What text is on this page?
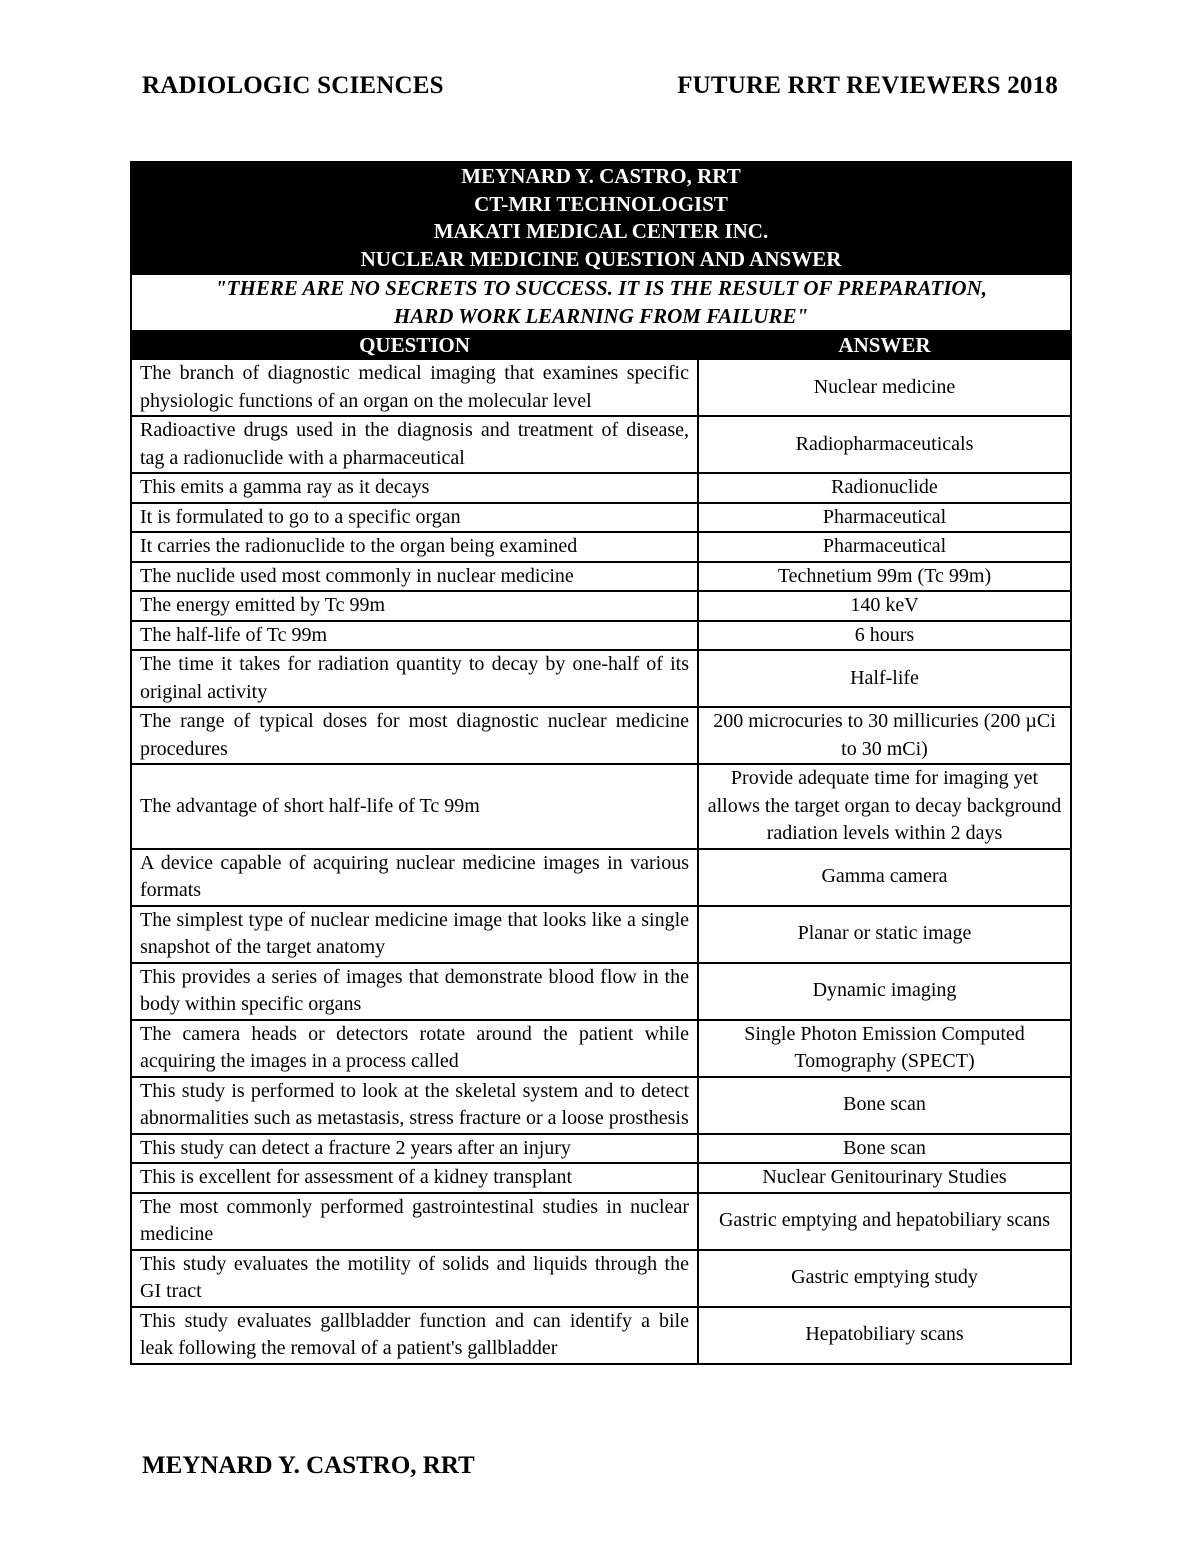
RADIOLOGIC SCIENCES	FUTURE RRT REVIEWERS 2018
MEYNARD Y. CASTRO, RRT
CT-MRI TECHNOLOGIST
MAKATI MEDICAL CENTER INC.
NUCLEAR MEDICINE QUESTION AND ANSWER	

"THERE ARE NO SECRETS TO SUCCESS. IT IS THE RESULT OF PREPARATION,
HARD WORK LEARNING FROM FAILURE"	

QUESTION	ANSWER
The branch of diagnostic medical imaging that examines specific physiologic functions of an organ on the molecular level	Nuclear medicine
Radioactive drugs used in the diagnosis and treatment of disease, tag a radionuclide with a pharmaceutical	Radiopharmaceuticals
This emits a gamma ray as it decays	Radionuclide
It is formulated to go to a specific organ	Pharmaceutical
It carries the radionuclide to the organ being examined	Pharmaceutical
The nuclide used most commonly in nuclear medicine	Technetium 99m (Tc 99m)
The energy emitted by Tc 99m	140 keV
The half-life of Tc 99m	6 hours
The time it takes for radiation quantity to decay by one-half of its original activity	Half-life
The range of typical doses for most diagnostic nuclear medicine procedures	200 microcuries to 30 millicuries (200 µCi to 30 mCi)
The advantage of short half-life of Tc 99m	Provide adequate time for imaging yet allows the target organ to decay background radiation levels within 2 days
A device capable of acquiring nuclear medicine images in various formats	Gamma camera
The simplest type of nuclear medicine image that looks like a single snapshot of the target anatomy	Planar or static image
This provides a series of images that demonstrate blood flow in the body within specific organs	Dynamic imaging
The camera heads or detectors rotate around the patient while acquiring the images in a process called	Single Photon Emission Computed Tomography (SPECT)
This study is performed to look at the skeletal system and to detect abnormalities such as metastasis, stress fracture or a loose prosthesis	Bone scan
This study can detect a fracture 2 years after an injury	Bone scan
This is excellent for assessment of a kidney transplant	Nuclear Genitourinary Studies
The most commonly performed gastrointestinal studies in nuclear medicine	Gastric emptying and hepatobiliary scans
This study evaluates the motility of solids and liquids through the GI tract	Gastric emptying study
This study evaluates gallbladder function and can identify a bile leak following the removal of a patient's gallbladder	Hepatobiliary scans
MEYNARD Y. CASTRO, RRT
